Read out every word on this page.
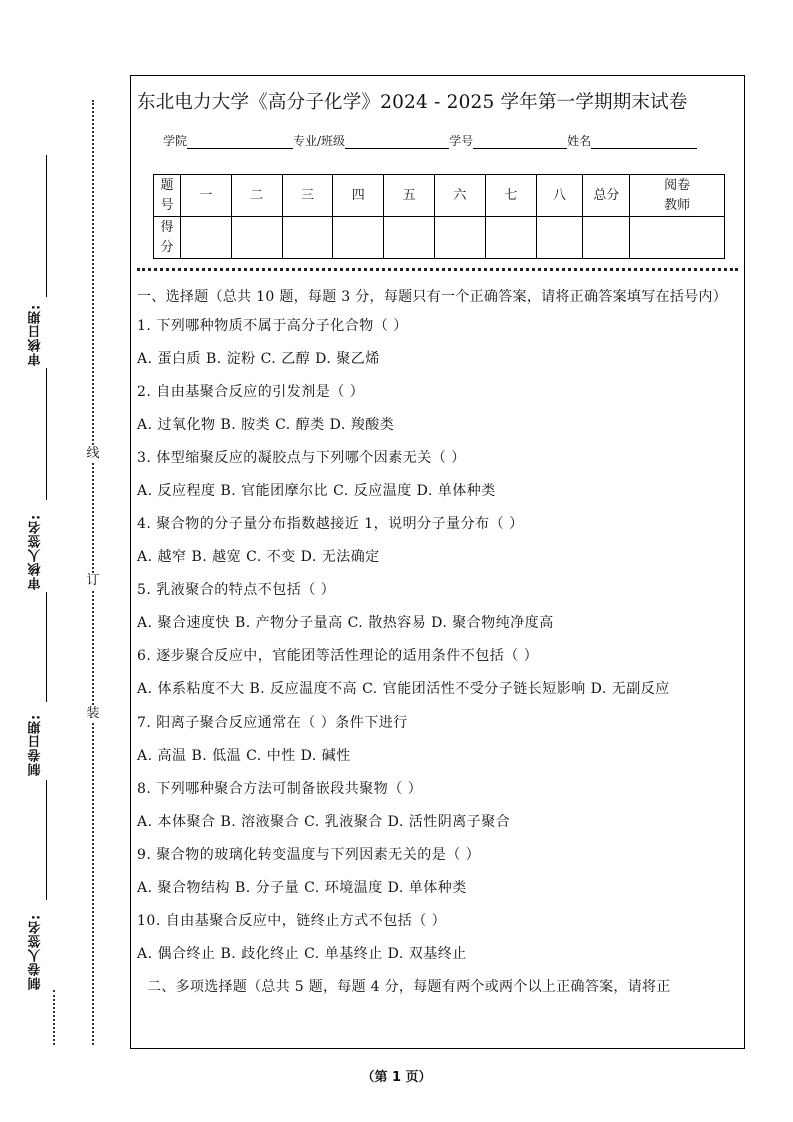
审核日期:
审核人签名:
制卷日期:
制卷人签名:
线
订
装
东北电力大学《高分子化学》2024 - 2025 学年第一学期期末试卷
学院	专业/班级	学号	姓名
题号	一	二	三	四	五	六	七	八	总分	阅卷教师
得分										

一、选择题（总共 10 题，每题 3 分，每题只有一个正确答案，请将正确答案填写在括号内）

1. 下列哪种物质不属于高分子化合物（ ）

A. 蛋白质 B. 淀粉 C. 乙醇 D. 聚乙烯

2. 自由基聚合反应的引发剂是（ ）

A. 过氧化物 B. 胺类 C. 醇类 D. 羧酸类

3. 体型缩聚反应的凝胶点与下列哪个因素无关（ ）

A. 反应程度 B. 官能团摩尔比 C. 反应温度 D. 单体种类

4. 聚合物的分子量分布指数越接近 1，说明分子量分布（ ）

A. 越窄 B. 越宽 C. 不变 D. 无法确定

5. 乳液聚合的特点不包括（ ）

A. 聚合速度快 B. 产物分子量高 C. 散热容易 D. 聚合物纯净度高

6. 逐步聚合反应中，官能团等活性理论的适用条件不包括（ ）

A. 体系粘度不大 B. 反应温度不高 C. 官能团活性不受分子链长短影响 D. 无副反应

7. 阳离子聚合反应通常在（ ）条件下进行

A. 高温 B. 低温 C. 中性 D. 碱性

8. 下列哪种聚合方法可制备嵌段共聚物（ ）

A. 本体聚合 B. 溶液聚合 C. 乳液聚合 D. 活性阴离子聚合

9. 聚合物的玻璃化转变温度与下列因素无关的是（ ）

A. 聚合物结构 B. 分子量 C. 环境温度 D. 单体种类

10. 自由基聚合反应中，链终止方式不包括（ ）

A. 偶合终止 B. 歧化终止 C. 单基终止 D. 双基终止

二、多项选择题（总共 5 题，每题 4 分，每题有两个或两个以上正确答案，请将正

（第 1 页）
